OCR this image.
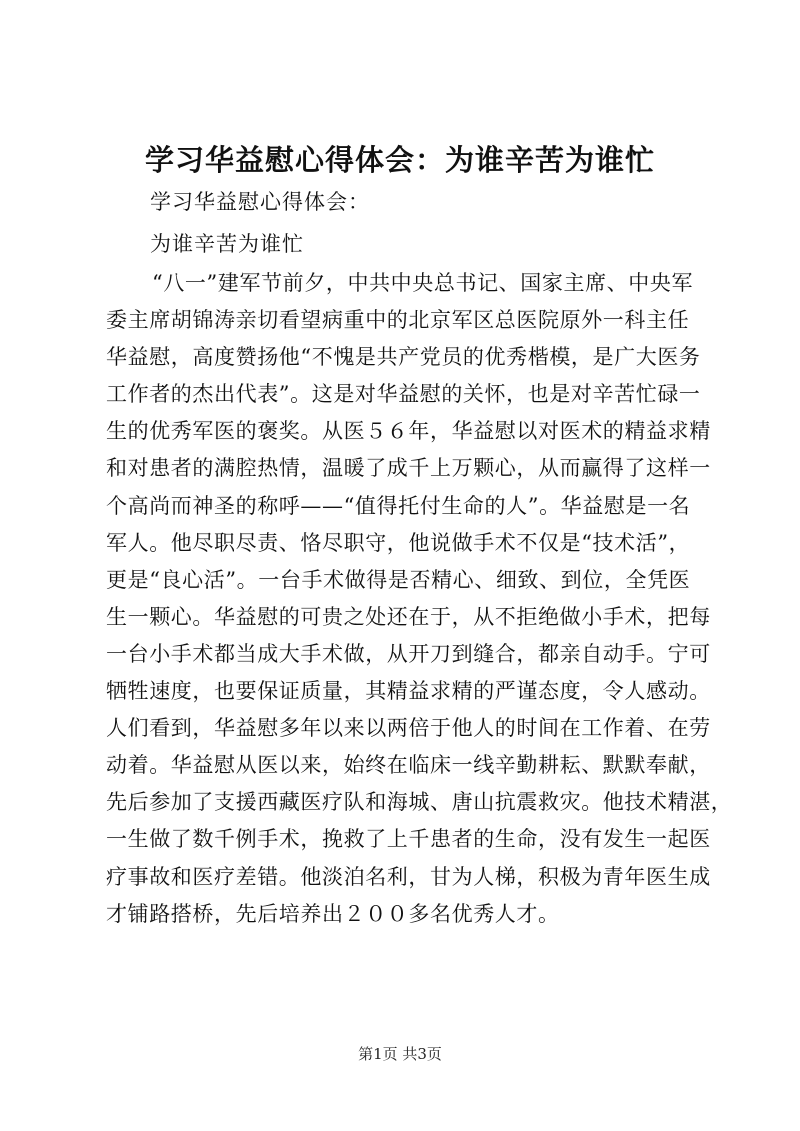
学习华益慰心得体会：为谁辛苦为谁忙
学习华益慰心得体会：
为谁辛苦为谁忙
“八一”建军节前夕，中共中央总书记、国家主席、中央军
委主席胡锦涛亲切看望病重中的北京军区总医院原外一科主任
华益慰，高度赞扬他“不愧是共产党员的优秀楷模，是广大医务
工作者的杰出代表”。这是对华益慰的关怀，也是对辛苦忙碌一
生的优秀军医的褒奖。从医５６年，华益慰以对医术的精益求精
和对患者的满腔热情，温暖了成千上万颗心，从而赢得了这样一
个高尚而神圣的称呼——“值得托付生命的人”。华益慰是一名
军人。他尽职尽责、恪尽职守，他说做手术不仅是“技术活”，
更是“良心活”。一台手术做得是否精心、细致、到位，全凭医
生一颗心。华益慰的可贵之处还在于，从不拒绝做小手术，把每
一台小手术都当成大手术做，从开刀到缝合，都亲自动手。宁可
牺牲速度，也要保证质量，其精益求精的严谨态度，令人感动。
人们看到，华益慰多年以来以两倍于他人的时间在工作着、在劳
动着。华益慰从医以来，始终在临床一线辛勤耕耘、默默奉献，
先后参加了支援西藏医疗队和海城、唐山抗震救灾。他技术精湛，
一生做了数千例手术，挽救了上千患者的生命，没有发生一起医
疗事故和医疗差错。他淡泊名利，甘为人梯，积极为青年医生成
才铺路搭桥，先后培养出２００多名优秀人才。
第1页 共3页
